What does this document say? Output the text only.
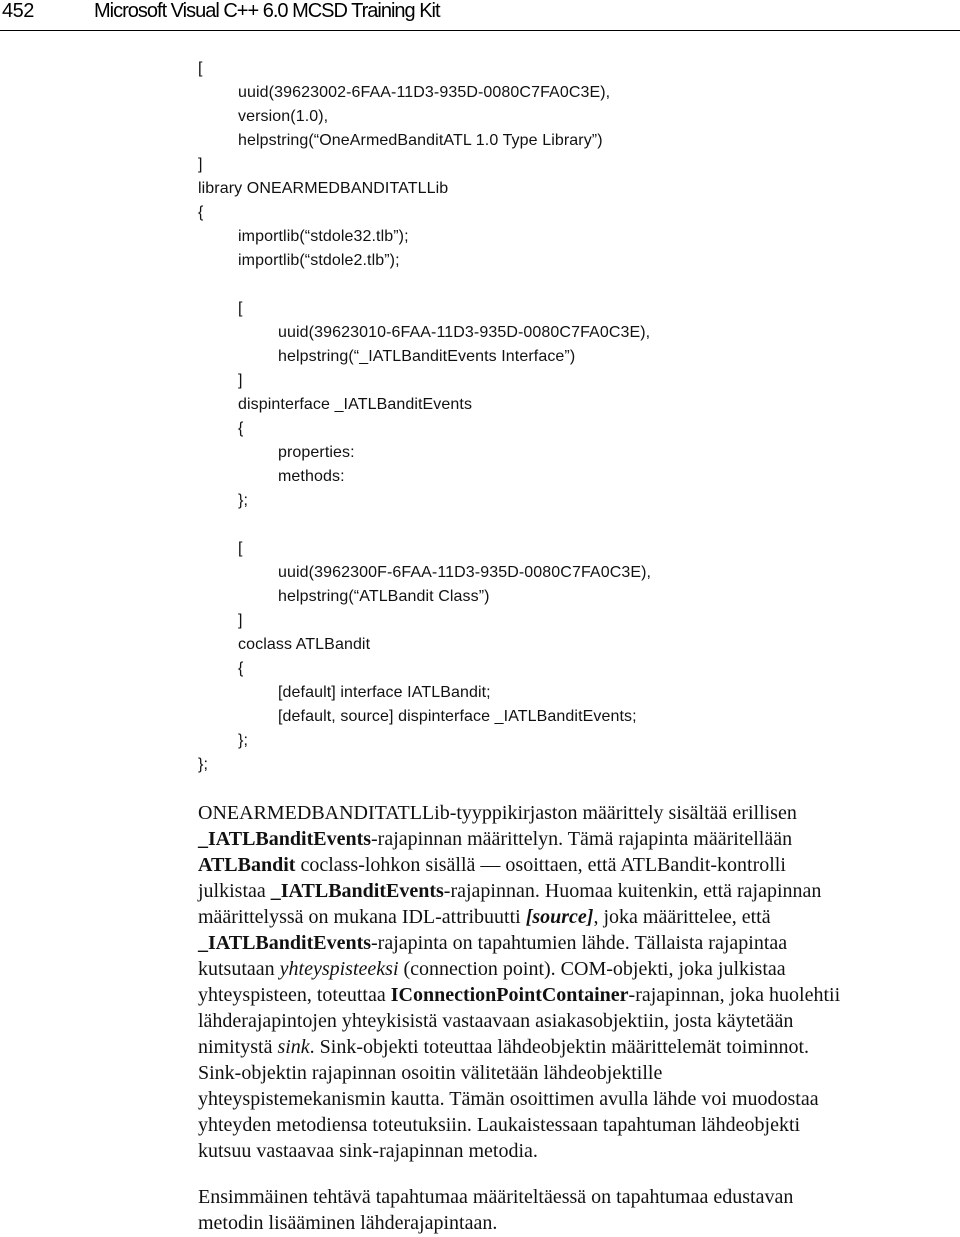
452	Microsoft Visual C++ 6.0 MCSD Training Kit
[
uuid(39623002-6FAA-11D3-935D-0080C7FA0C3E),
version(1.0),
helpstring(“OneArmedBanditATL 1.0 Type Library”)
]
library ONEARMEDBANDITATLLib
{
importlib(“stdole32.tlb”);
importlib(“stdole2.tlb”);
[
uuid(39623010-6FAA-11D3-935D-0080C7FA0C3E),
helpstring(“_IATLBanditEvents Interface”)
]
dispinterface _IATLBanditEvents
{
properties:
methods:
};
[
uuid(3962300F-6FAA-11D3-935D-0080C7FA0C3E),
helpstring(“ATLBandit Class”)
]
coclass ATLBandit
{
[default] interface IATLBandit;
[default, source] dispinterface _IATLBanditEvents;
};
};
ONEARMEDBANDITATLLib-tyyppikirjaston määrittely sisältää erillisen
_IATLBanditEvents-rajapinnan määrittelyn. Tämä rajapinta määritellään
ATLBandit coclass-lohkon sisällä — osoittaen, että ATLBandit-kontrolli
julkistaa _IATLBanditEvents-rajapinnan. Huomaa kuitenkin, että rajapinnan
määrittelyssä on mukana IDL-attribuutti [source], joka määrittelee, että
_IATLBanditEvents-rajapinta on tapahtumien lähde. Tällaista rajapintaa
kutsutaan yhteyspisteeksi (connection point). COM-objekti, joka julkistaa
yhteyspisteen, toteuttaa IConnectionPointContainer-rajapinnan, joka huolehtii
lähderajapintojen yhteykisistä vastaavaan asiakasobjektiin, josta käytetään
nimitystä sink. Sink-objekti toteuttaa lähdeobjektin määrittelemät toiminnot.
Sink-objektin rajapinnan osoitin välitetään lähdeobjektille
yhteyspistemekanismin kautta. Tämän osoittimen avulla lähde voi muodostaa
yhteyden metodiensa toteutuksiin. Laukaistessaan tapahtuman lähdeobjekti
kutsuu vastaavaa sink-rajapinnan metodia.
Ensimmäinen tehtävä tapahtumaa määriteltäessä on tapahtumaa edustavan
metodin lisääminen lähderajapintaan.
